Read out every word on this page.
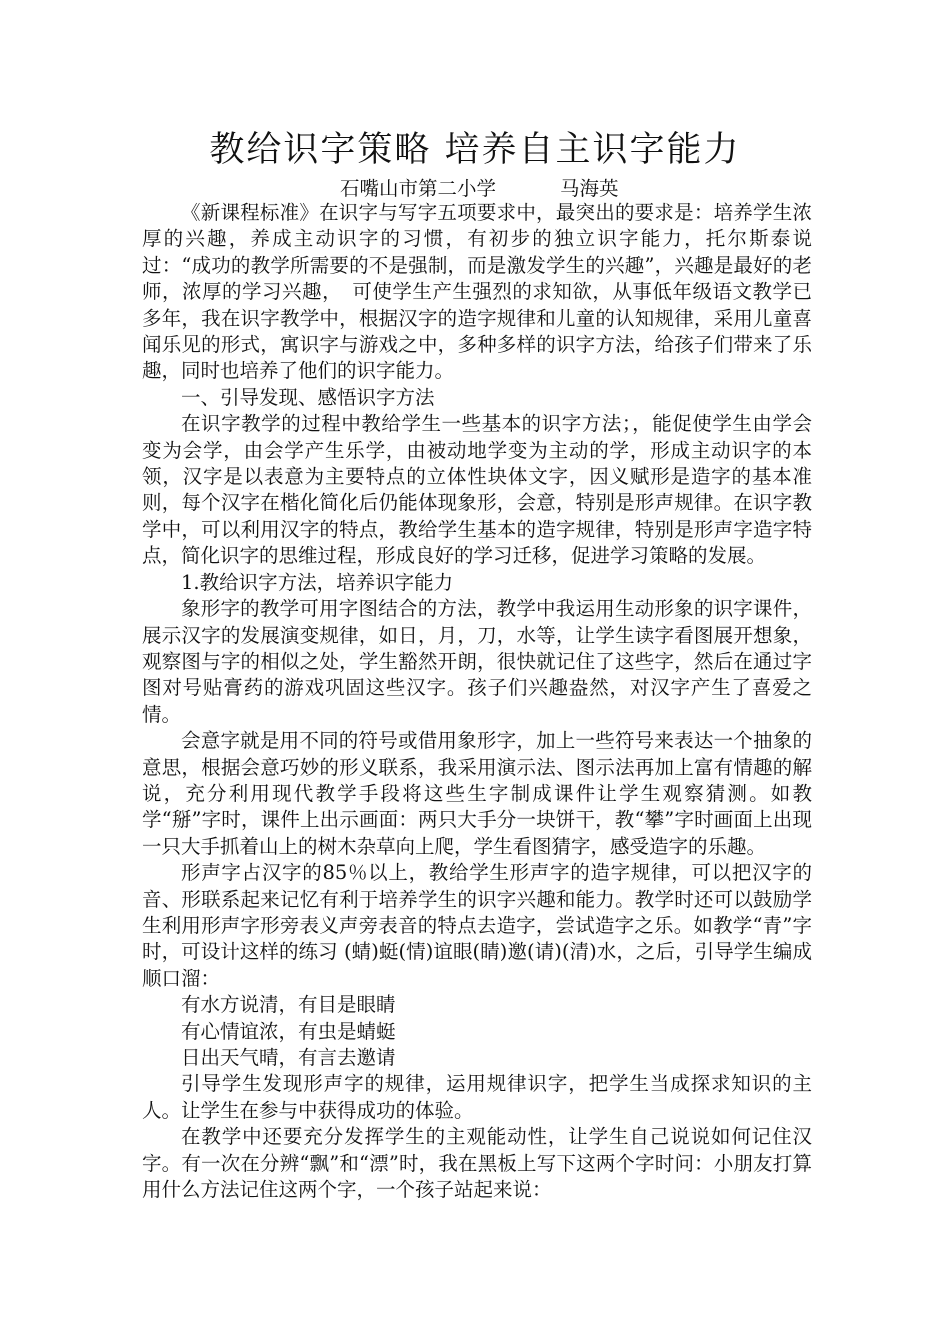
教给识字策略 培养自主识字能力
石嘴山市第二小学	马海英

《新课程标准》在识字与写字五项要求中，最突出的要求是：培养学生浓厚的兴趣，养成主动识字的习惯，有初步的独立识字能力，托尔斯泰说过：“成功的教学所需要的不是强制，而是激发学生的兴趣”，兴趣是最好的老师，浓厚的学习兴趣，　可使学生产生强烈的求知欲，从事低年级语文教学已多年，我在识字教学中，根据汉字的造字规律和儿童的认知规律，采用儿童喜闻乐见的形式，寓识字与游戏之中，多种多样的识字方法，给孩子们带来了乐趣，同时也培养了他们的识字能力。

一、引导发现、感悟识字方法

在识字教学的过程中教给学生一些基本的识字方法；，能促使学生由学会变为会学，由会学产生乐学，由被动地学变为主动的学，形成主动识字的本领，汉字是以表意为主要特点的立体性块体文字，因义赋形是造字的基本准则，每个汉字在楷化简化后仍能体现象形，会意，特别是形声规律。在识字教学中，可以利用汉字的特点，教给学生基本的造字规律，特别是形声字造字特点，简化识字的思维过程，形成良好的学习迁移，促进学习策略的发展。

1.教给识字方法，培养识字能力

象形字的教学可用字图结合的方法，教学中我运用生动形象的识字课件，展示汉字的发展演变规律，如日，月，刀，水等，让学生读字看图展开想象，观察图与字的相似之处，学生豁然开朗，很快就记住了这些字，然后在通过字图对号贴膏药的游戏巩固这些汉字。孩子们兴趣盎然，对汉字产生了喜爱之情。

会意字就是用不同的符号或借用象形字，加上一些符号来表达一个抽象的意思，根据会意巧妙的形义联系，我采用演示法、图示法再加上富有情趣的解说，充分利用现代教学手段将这些生字制成课件让学生观察猜测。如教学“掰”字时，课件上出示画面：两只大手分一块饼干，教“攀”字时画面上出现一只大手抓着山上的树木杂草向上爬，学生看图猜字，感受造字的乐趣。

形声字占汉字的85％以上，教给学生形声字的造字规律，可以把汉字的音、形联系起来记忆有利于培养学生的识字兴趣和能力。教学时还可以鼓励学生利用形声字形旁表义声旁表音的特点去造字，尝试造字之乐。如教学“青”字时，可设计这样的练习 (蜻)蜓(情)谊眼(睛)邀(请)(清)水，之后，引导学生编成顺口溜：

有水方说清，有目是眼睛

有心情谊浓，有虫是蜻蜓

日出天气晴，有言去邀请

引导学生发现形声字的规律，运用规律识字，把学生当成探求知识的主人。让学生在参与中获得成功的体验。

在教学中还要充分发挥学生的主观能动性，让学生自己说说如何记住汉字。有一次在分辨“飘”和“漂”时，我在黑板上写下这两个字时问：小朋友打算用什么方法记住这两个字，一个孩子站起来说：
